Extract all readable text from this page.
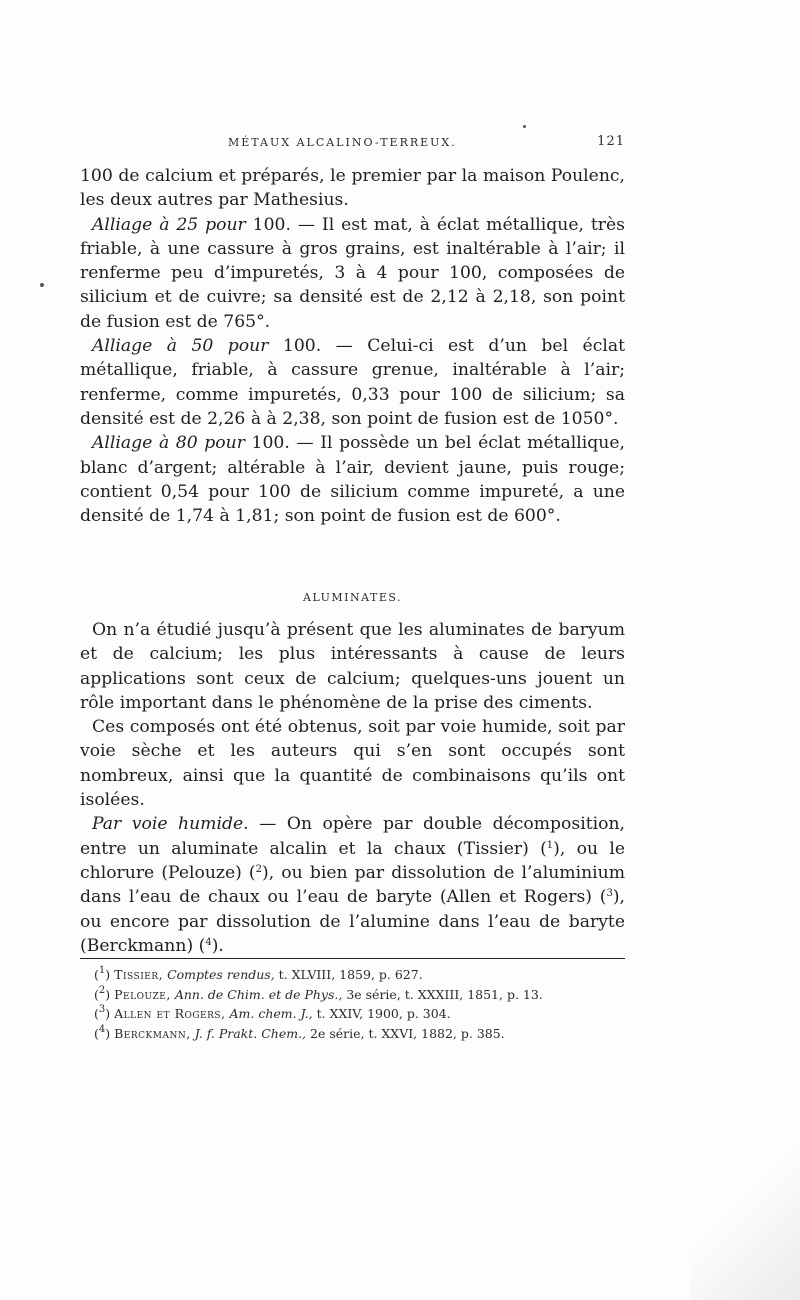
MÉTAUX ALCALINO-TERREUX.	121

100 de calcium et préparés, le premier par la maison Poulenc, les deux autres par Mathesius.

Alliage à 25 pour 100. — Il est mat, à éclat métallique, très friable, à une cassure à gros grains, est inaltérable à l’air; il renferme peu d’impuretés, 3 à 4 pour 100, composées de silicium et de cuivre; sa densité est de 2,12 à 2,18, son point de fusion est de 765°.

Alliage à 50 pour 100. — Celui-ci est d’un bel éclat métallique, friable, à cassure grenue, inaltérable à l’air; renferme, comme impuretés, 0,33 pour 100 de silicium; sa densité est de 2,26 à à 2,38, son point de fusion est de 1050°.

Alliage à 80 pour 100. — Il possède un bel éclat métallique, blanc d’argent; altérable à l’air, devient jaune, puis rouge; contient 0,54 pour 100 de silicium comme impureté, a une densité de 1,74 à 1,81; son point de fusion est de 600°.

ALUMINATES.

On n’a étudié jusqu’à présent que les aluminates de baryum et de calcium; les plus intéressants à cause de leurs applications sont ceux de calcium; quelques-uns jouent un rôle important dans le phénomène de la prise des ciments.

Ces composés ont été obtenus, soit par voie humide, soit par voie sèche et les auteurs qui s’en sont occupés sont nombreux, ainsi que la quantité de combinaisons qu’ils ont isolées.

Par voie humide. — On opère par double décomposition, entre un aluminate alcalin et la chaux (Tissier) ($^1$), ou le chlorure (Pelouze) ($^2$), ou bien par dissolution de l’aluminium dans l’eau de chaux ou l’eau de baryte (Allen et Rogers) ($^3$), ou encore par dissolution de l’alumine dans l’eau de baryte (Berckmann) ($^4$).

($^1$) Tissier, Comptes rendus, t. XLVIII, 1859, p. 627.

($^2$) Pelouze, Ann. de Chim. et de Phys., 3e série, t. XXXIII, 1851, p. 13.

($^3$) Allen et Rogers, Am. chem. J., t. XXIV, 1900, p. 304.

($^4$) Berckmann, J. f. Prakt. Chem., 2e série, t. XXVI, 1882, p. 385.
